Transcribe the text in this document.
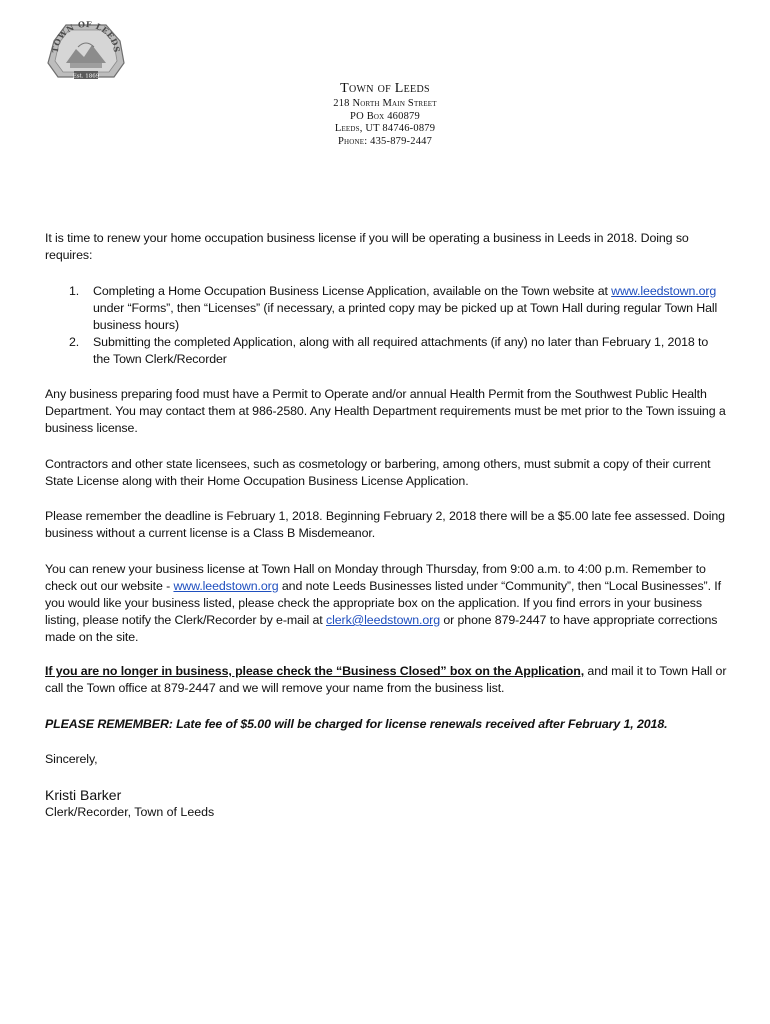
TOWN OF LEEDS
Est. 1869
Town of Leeds
218 North Main Street
PO Box 460879
Leeds, UT 84746-0879
Phone: 435-879-2447
It is time to renew your home occupation business license if you will be operating a business in Leeds in 2018. Doing so requires:
1.	Completing a Home Occupation Business License Application, available on the Town website at www.leedstown.org under “Forms”, then “Licenses” (if necessary, a printed copy may be picked up at Town Hall during regular Town Hall business hours)
2.	Submitting the completed Application, along with all required attachments (if any) no later than February 1, 2018 to the Town Clerk/Recorder
Any business preparing food must have a Permit to Operate and/or annual Health Permit from the Southwest Public Health Department. You may contact them at 986-2580. Any Health Department requirements must be met prior to the Town issuing a business license.
Contractors and other state licensees, such as cosmetology or barbering, among others, must submit a copy of their current State License along with their Home Occupation Business License Application.
Please remember the deadline is February 1, 2018. Beginning February 2, 2018 there will be a $5.00 late fee assessed. Doing business without a current license is a Class B Misdemeanor.
You can renew your business license at Town Hall on Monday through Thursday, from 9:00 a.m. to 4:00 p.m. Remember to check out our website - www.leedstown.org and note Leeds Businesses listed under “Community”, then “Local Businesses”. If you would like your business listed, please check the appropriate box on the application. If you find errors in your business listing, please notify the Clerk/Recorder by e-mail at clerk@leedstown.org or phone 879-2447 to have appropriate corrections made on the site.
If you are no longer in business, please check the “Business Closed” box on the Application, and mail it to Town Hall or call the Town office at 879-2447 and we will remove your name from the business list.
PLEASE REMEMBER: Late fee of $5.00 will be charged for license renewals received after February 1, 2018.
Sincerely,
Kristi Barker
Clerk/Recorder, Town of Leeds
